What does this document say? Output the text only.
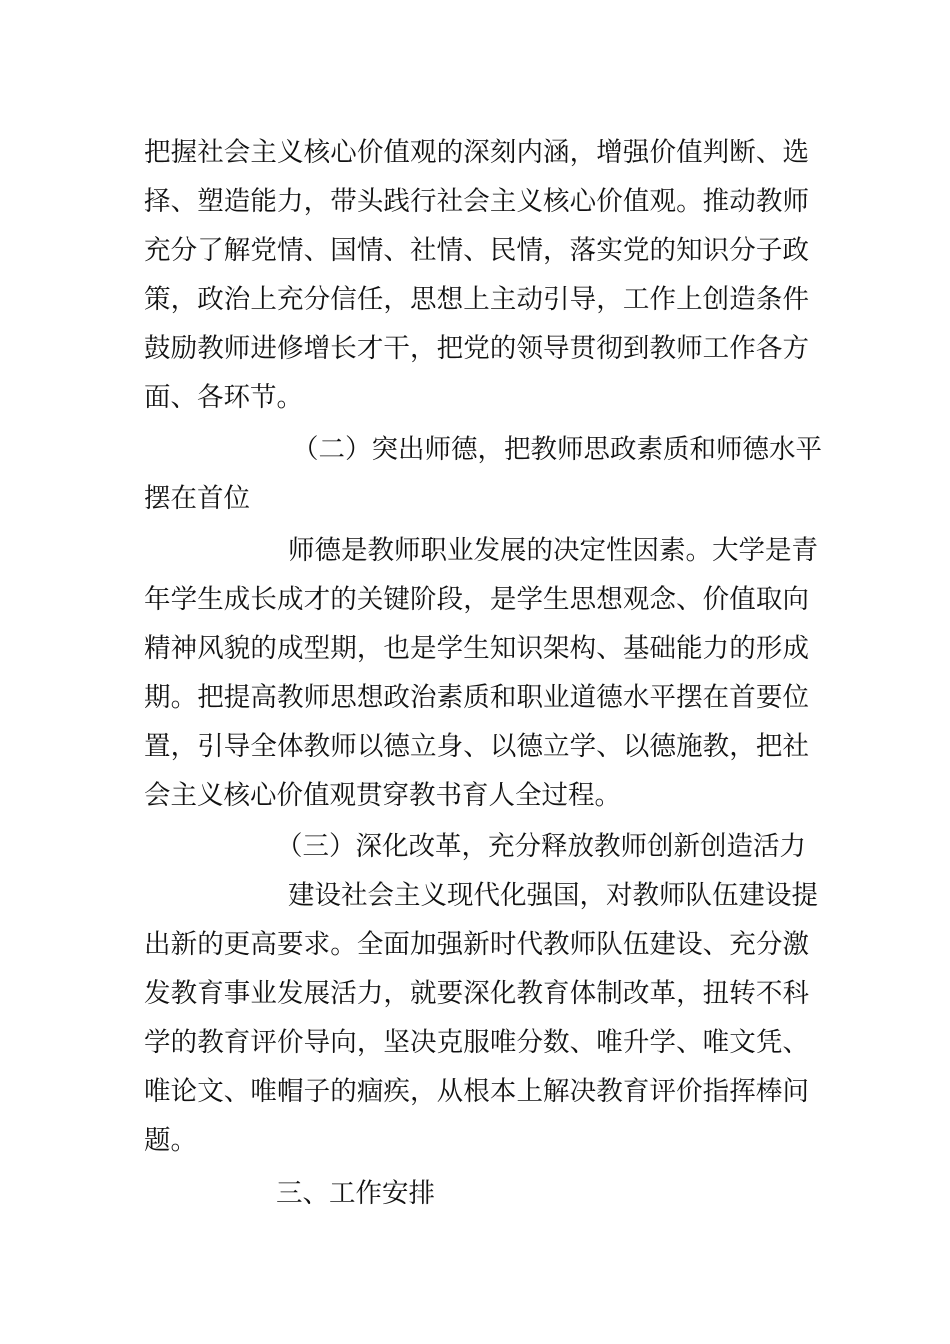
把握社会主义核心价值观的深刻内涵，增强价值判断、选
择、塑造能力，带头践行社会主义核心价值观。推动教师
充分了解党情、国情、社情、民情，落实党的知识分子政
策，政治上充分信任，思想上主动引导，工作上创造条件
鼓励教师进修增长才干，把党的领导贯彻到教师工作各方
面、各环节。
（二）突出师德，把教师思政素质和师德水平
摆在首位
师德是教师职业发展的决定性因素。大学是青
年学生成长成才的关键阶段，是学生思想观念、价值取向
精神风貌的成型期，也是学生知识架构、基础能力的形成
期。把提高教师思想政治素质和职业道德水平摆在首要位
置，引导全体教师以德立身、以德立学、以德施教，把社
会主义核心价值观贯穿教书育人全过程。
（三）深化改革，充分释放教师创新创造活力
建设社会主义现代化强国，对教师队伍建设提
出新的更高要求。全面加强新时代教师队伍建设、充分激
发教育事业发展活力，就要深化教育体制改革，扭转不科
学的教育评价导向，坚决克服唯分数、唯升学、唯文凭、
唯论文、唯帽子的痼疾，从根本上解决教育评价指挥棒问
题。
三、工作安排
